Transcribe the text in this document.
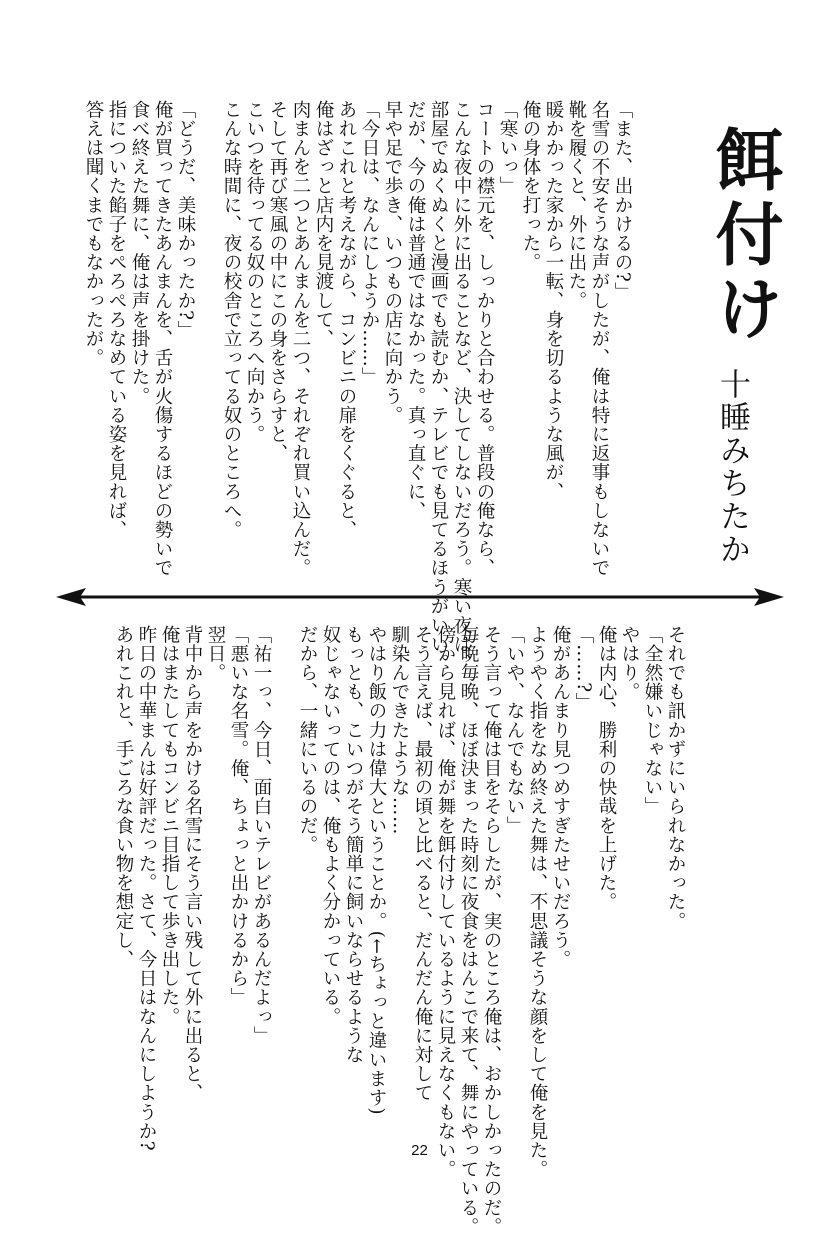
餌付け
十睡みちたか
「また、出かけるの?」
名雪の不安そうな声がしたが、俺は特に返事もしないで
靴を履くと、外に出た。
暖かかった家から一転、身を切るような風が、
俺の身体を打った。
「寒いっ」
コートの襟元を、しっかりと合わせる。普段の俺なら、
こんな夜中に外に出ることなど、決してしないだろう。寒い夜は、
部屋でぬくぬくと漫画でも読むか、テレビでも見てるほうがいい。
だが、今の俺は普通ではなかった。真っ直ぐに、
早や足で歩き、いつもの店に向かう。
「今日は、なんにしようか……」
あれこれと考えながら、コンビニの扉をくぐると、
俺はざっと店内を見渡して、
肉まんを二つとあんまんを二つ、それぞれ買い込んだ。
そして再び寒風の中にこの身をさらすと、
こいつを待ってる奴のところへ向かう。
こんな時間に、夜の校舎で立ってる奴のところへ。

「どうだ、美味かったか?」
俺が買ってきたあんまんを、舌が火傷するほどの勢いで
食べ終えた舞に、俺は声を掛けた。
指についた餡子をぺろぺろなめている姿を見れば、
答えは聞くまでもなかったが。
それでも訊かずにいられなかった。
「全然嫌いじゃない」
やはり。
俺は内心、勝利の快哉を上げた。
「……?」
俺があんまり見つめすぎたせいだろう。
ようやく指をなめ終えた舞は、不思議そうな顔をして俺を見た。
「いや、なんでもない」
そう言って俺は目をそらしたが、実のところ俺は、おかしかったのだ。
毎晩毎晩、ほぼ決まった時刻に夜食をはんこで来て、舞にやっている。
傍から見れば、俺が舞を餌付けしているように見えなくもない。
そう言えば、最初の頃と比べると、だんだん俺に対して
馴染んできたような……
やはり飯の力は偉大ということか。(←ちょっと違います)
もっとも、こいつがそう簡単に飼いならせるような
奴じゃないってのは、俺もよく分かっている。
だから、一緒にいるのだ。

「祐一っ、今日、面白いテレビがあるんだよっ」
「悪いな名雪。俺、ちょっと出かけるから」
翌日。
背中から声をかける名雪にそう言い残して外に出ると、
俺はまたしてもコンビニ目指して歩き出した。
昨日の中華まんは好評だった。さて、今日はなんにしようか?
あれこれと、手ごろな食い物を想定し、
22
